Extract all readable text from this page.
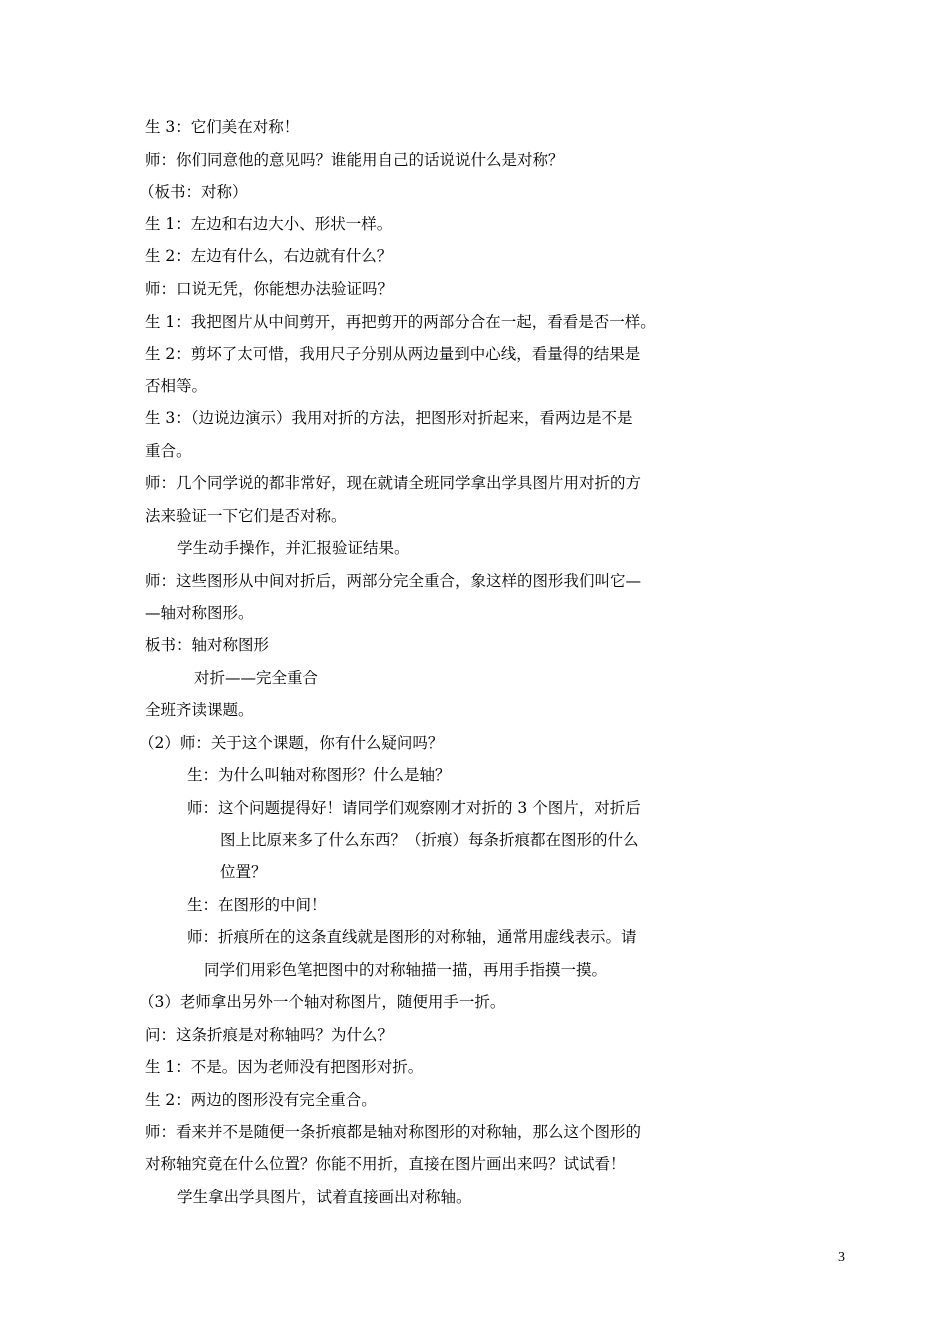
生 3：它们美在对称！
师：你们同意他的意见吗？谁能用自己的话说说什么是对称？
（板书：对称）
生 1：左边和右边大小、形状一样。
生 2：左边有什么，右边就有什么？
师：口说无凭，你能想办法验证吗？
生 1：我把图片从中间剪开，再把剪开的两部分合在一起，看看是否一样。
生 2：剪坏了太可惜，我用尺子分别从两边量到中心线，看量得的结果是
否相等。
生 3：（边说边演示）我用对折的方法，把图形对折起来，看两边是不是
重合。
师：几个同学说的都非常好，现在就请全班同学拿出学具图片用对折的方
法来验证一下它们是否对称。
学生动手操作，并汇报验证结果。
师：这些图形从中间对折后，两部分完全重合，象这样的图形我们叫它—
—轴对称图形。
板书：轴对称图形
对折——完全重合
全班齐读课题。
（2）师：关于这个课题，你有什么疑问吗？
生：为什么叫轴对称图形？什么是轴？
师：这个问题提得好！请同学们观察刚才对折的 3 个图片，对折后
图上比原来多了什么东西？（折痕）每条折痕都在图形的什么
位置？
生：在图形的中间！
师：折痕所在的这条直线就是图形的对称轴，通常用虚线表示。请
同学们用彩色笔把图中的对称轴描一描，再用手指摸一摸。
（3）老师拿出另外一个轴对称图片，随便用手一折。
问：这条折痕是对称轴吗？为什么？
生 1：不是。因为老师没有把图形对折。
生 2：两边的图形没有完全重合。
师：看来并不是随便一条折痕都是轴对称图形的对称轴，那么这个图形的
对称轴究竟在什么位置？你能不用折，直接在图片画出来吗？试试看！
学生拿出学具图片，试着直接画出对称轴。
3
